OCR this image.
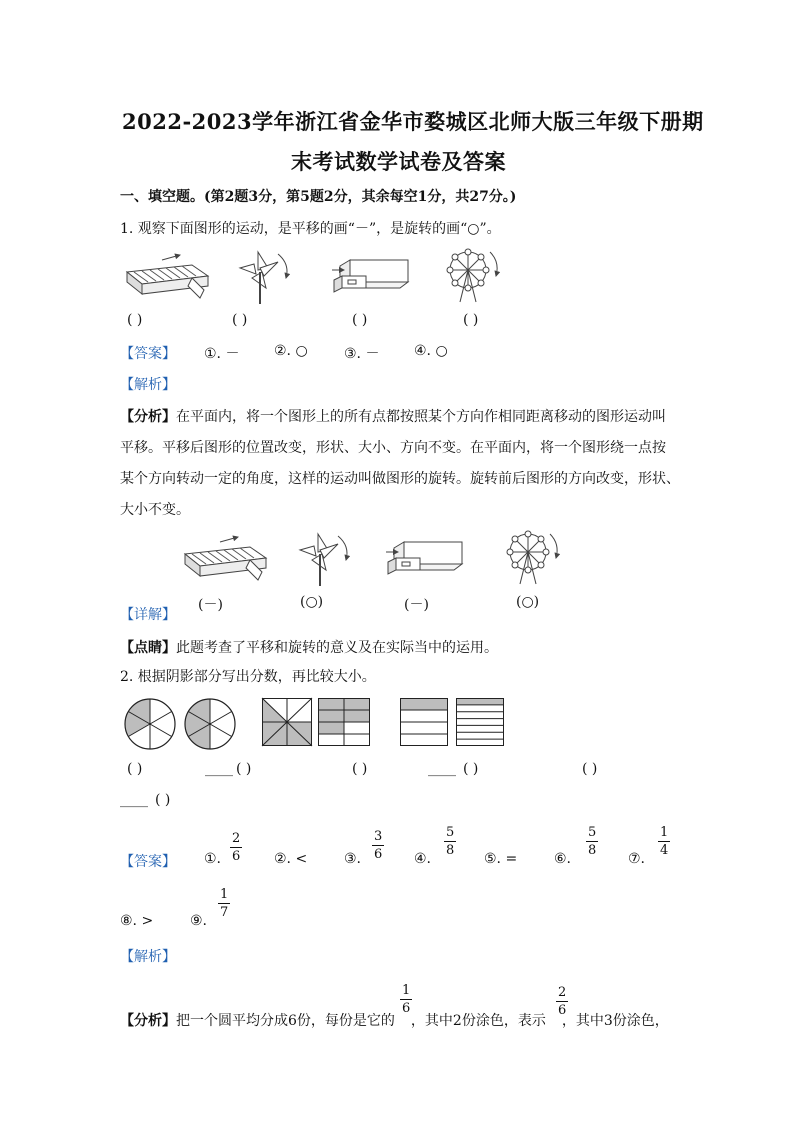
2022-2023学年浙江省金华市婺城区北师大版三年级下册期
末考试数学试卷及答案
一、填空题。(第2题3分，第5题2分，其余每空1分，共27分。)
1. 观察下面图形的运动，是平移的画“－”，是旋转的画“○”。
( )	( )	( )	( )
【答案】 ①. － ②. ○	③. － ④. ○
【解析】
【分析】在平面内，将一个图形上的所有点都按照某个方向作相同距离移动的图形运动叫
平移。平移后图形的位置改变，形状、大小、方向不变。在平面内，将一个图形绕一点按
某个方向转动一定的角度，这样的运动叫做图形的旋转。旋转前后图形的方向改变，形状、
大小不变。
【详解】
(－)	(○)	(－)	(○)
【点睛】此题考查了平移和旋转的意义及在实际当中的运用。
2. 根据阴影部分写出分数，再比较大小。
( )	____ ( )	( )	____ ( )	( )
____ ( )
【答案】 ①.
2
6 ②. <	③.
3
6 ④.
5
8
⑤. =	⑥.
5
8
⑦.
1
4
⑧. >	⑨.
1
7
【解析】
【分析】把一个圆平均分成6份，每份是它的 ，其中2份涂色，表示 ，其中3份涂色，
1
6
2
6
